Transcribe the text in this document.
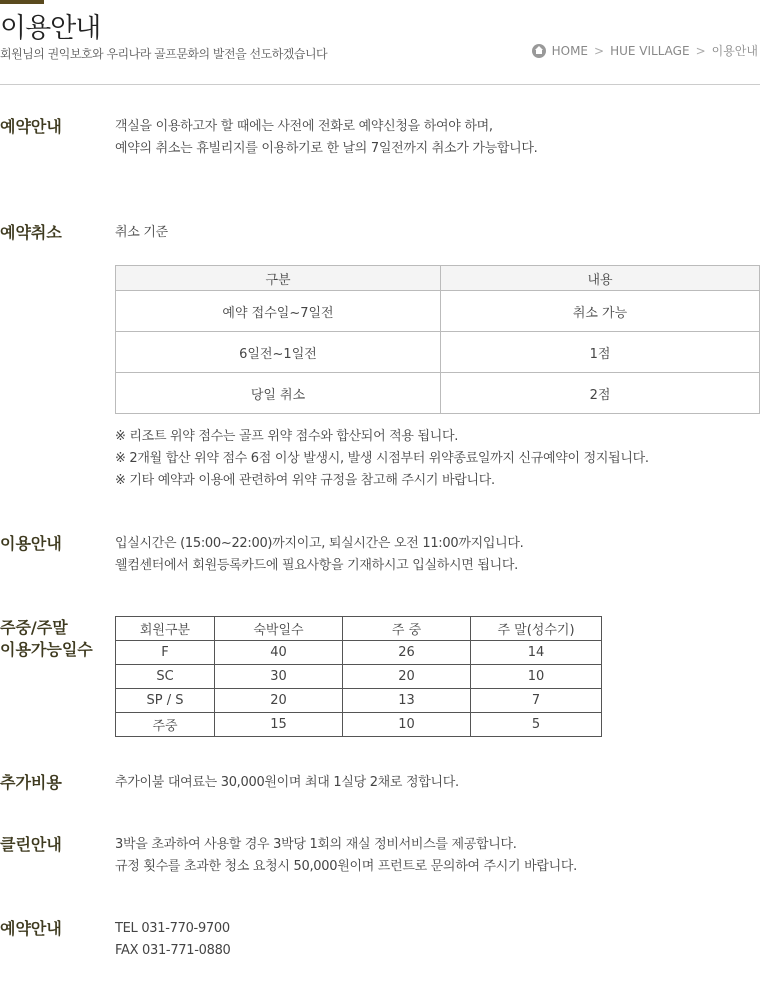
이용안내
회원님의 권익보호와 우리나라 골프문화의 발전을 선도하겠습니다	HOME > HUE VILLAGE > 이용안내
예약안내	객실을 이용하고자 할 때에는 사전에 전화로 예약신청을 하여야 하며,

예약의 취소는 휴빌리지를 이용하기로 한 날의 7일전까지 취소가 가능합니다.

예약취소	취소 기준
구분	내용
예약 접수일~7일전	취소 가능
6일전~1일전	1점
당일 취소	2점

※ 리조트 위약 점수는 골프 위약 점수와 합산되어 적용 됩니다.

※ 2개월 합산 위약 점수 6점 이상 발생시, 발생 시점부터 위약종료일까지 신규예약이 정지됩니다.

※ 기타 예약과 이용에 관련하여 위약 규정을 참고해 주시기 바랍니다.

이용안내	입실시간은 (15:00~22:00)까지이고, 퇴실시간은 오전 11:00까지입니다.

웰컴센터에서 회원등록카드에 필요사항을 기재하시고 입실하시면 됩니다.

주중/주말
이용가능일수
회원구분	숙박일수	주 중	주 말(성수기)
F	40	26	14
SC	30	20	10
SP / S	20	13	7
주중	15	10	5
추가비용	추가이불 대여료는 30,000원이며 최대 1실당 2채로 정합니다.
클린안내	3박을 초과하여 사용할 경우 3박당 1회의 재실 정비서비스를 제공합니다.

규정 횟수를 초과한 청소 요청시 50,000원이며 프런트로 문의하여 주시기 바랍니다.

예약안내	TEL 031-770-9700

FAX 031-771-0880
